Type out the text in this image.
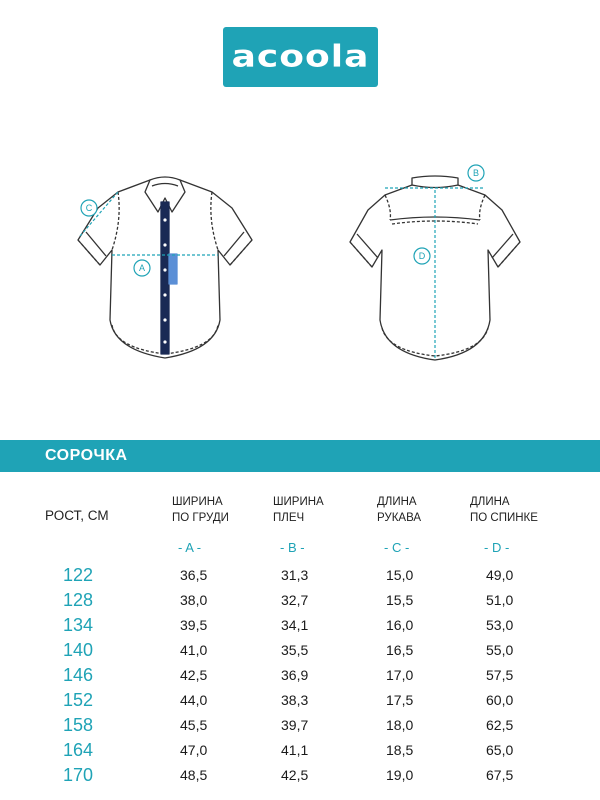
acoola
A
C
B
D
СОРОЧКА
РОСТ, СМ
ШИРИНА
ПО ГРУДИ
ШИРИНА
ПЛЕЧ
ДЛИНА
РУКАВА
ДЛИНА
ПО СПИНКЕ
- A -	- B -	- C -	- D -
122	36,5	31,3	15,0	49,0
128	38,0	32,7	15,5	51,0
134	39,5	34,1	16,0	53,0
140	41,0	35,5	16,5	55,0
146	42,5	36,9	17,0	57,5
152	44,0	38,3	17,5	60,0
158	45,5	39,7	18,0	62,5
164	47,0	41,1	18,5	65,0
170	48,5	42,5	19,0	67,5
